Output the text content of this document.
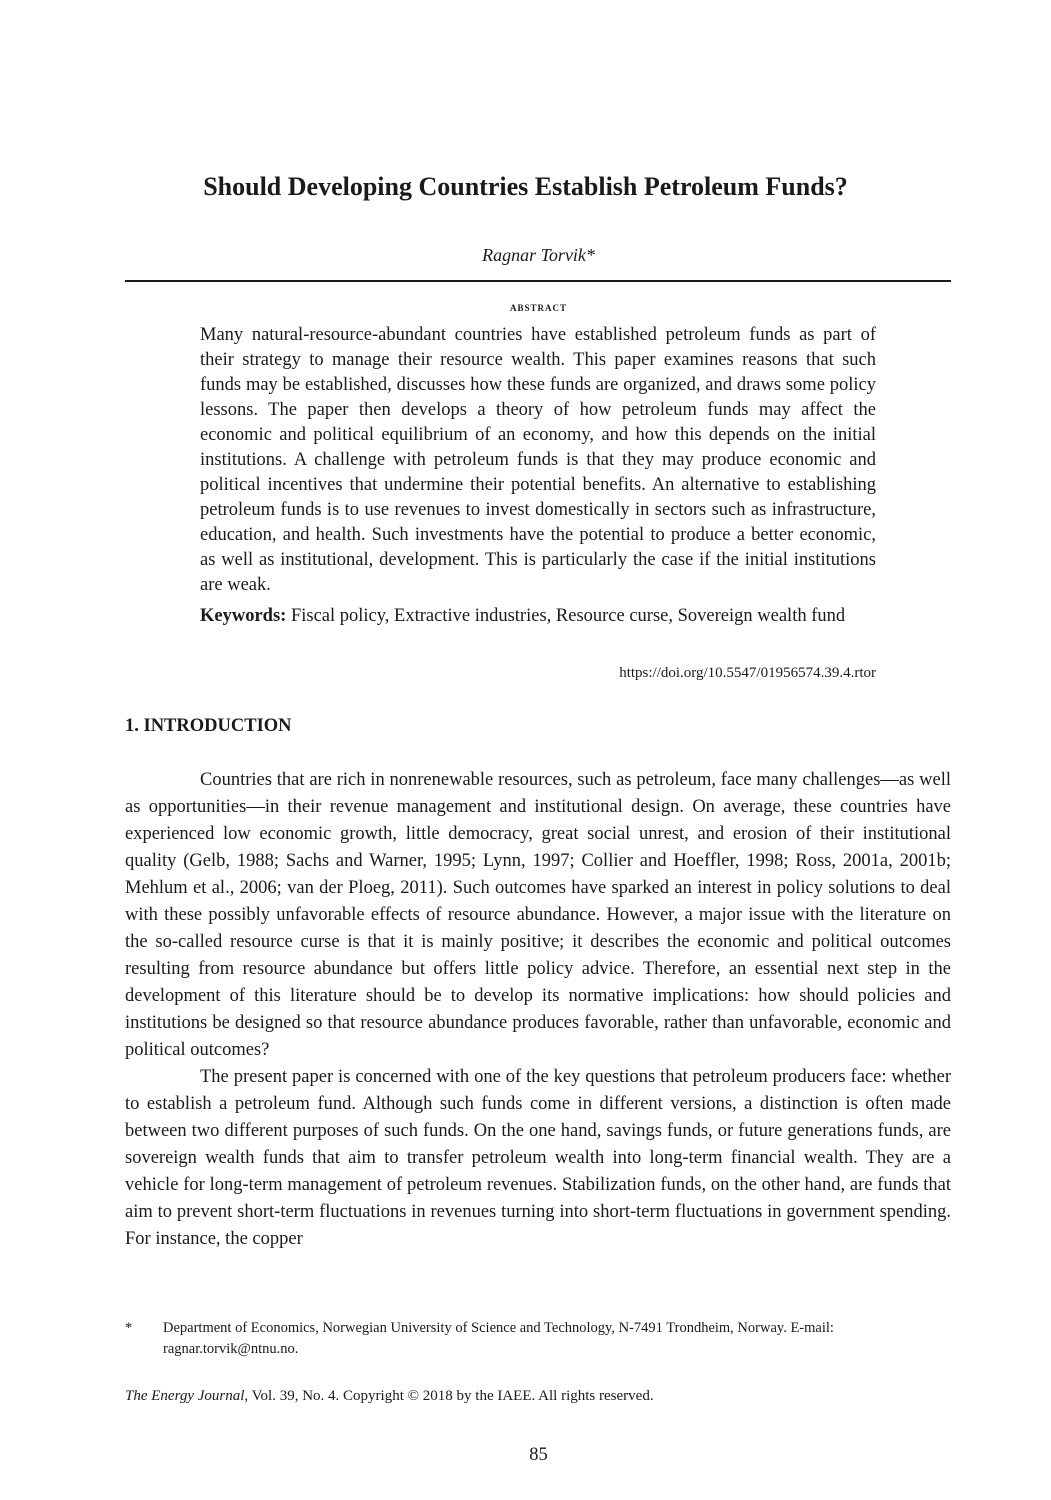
Should Developing Countries Establish Petroleum Funds?
Ragnar Torvik*
abstract

Many natural-resource-abundant countries have established petroleum funds as part of their strategy to manage their resource wealth. This paper examines reasons that such funds may be established, discusses how these funds are organized, and draws some policy lessons. The paper then develops a theory of how petroleum funds may affect the economic and political equilibrium of an economy, and how this depends on the initial institutions. A challenge with petroleum funds is that they may produce economic and political incentives that undermine their potential benefits. An alternative to establishing petroleum funds is to use revenues to invest domestically in sectors such as infrastructure, education, and health. Such investments have the potential to produce a better economic, as well as institutional, development. This is particularly the case if the initial institutions are weak.

Keywords: Fiscal policy, Extractive industries, Resource curse, Sovereign wealth fund

https://doi.org/10.5547/01956574.39.4.rtor
1. INTRODUCTION

Countries that are rich in nonrenewable resources, such as petroleum, face many challenges—as well as opportunities—in their revenue management and institutional design. On average, these countries have experienced low economic growth, little democracy, great social unrest, and erosion of their institutional quality (Gelb, 1988; Sachs and Warner, 1995; Lynn, 1997; Collier and Hoeffler, 1998; Ross, 2001a, 2001b; Mehlum et al., 2006; van der Ploeg, 2011). Such outcomes have sparked an interest in policy solutions to deal with these possibly unfavorable effects of resource abundance. However, a major issue with the literature on the so-called resource curse is that it is mainly positive; it describes the economic and political outcomes resulting from resource abundance but offers little policy advice. Therefore, an essential next step in the development of this literature should be to develop its normative implications: how should policies and institutions be designed so that resource abundance produces favorable, rather than unfavorable, economic and political outcomes?

The present paper is concerned with one of the key questions that petroleum producers face: whether to establish a petroleum fund. Although such funds come in different versions, a distinction is often made between two different purposes of such funds. On the one hand, savings funds, or future generations funds, are sovereign wealth funds that aim to transfer petroleum wealth into long-term financial wealth. They are a vehicle for long-term management of petroleum revenues. Stabilization funds, on the other hand, are funds that aim to prevent short-term fluctuations in revenues turning into short-term fluctuations in government spending. For instance, the copper

* Department of Economics, Norwegian University of Science and Technology, N-7491 Trondheim, Norway. E-mail: ragnar.torvik@ntnu.no.
The Energy Journal, Vol. 39, No. 4. Copyright © 2018 by the IAEE. All rights reserved.
85
